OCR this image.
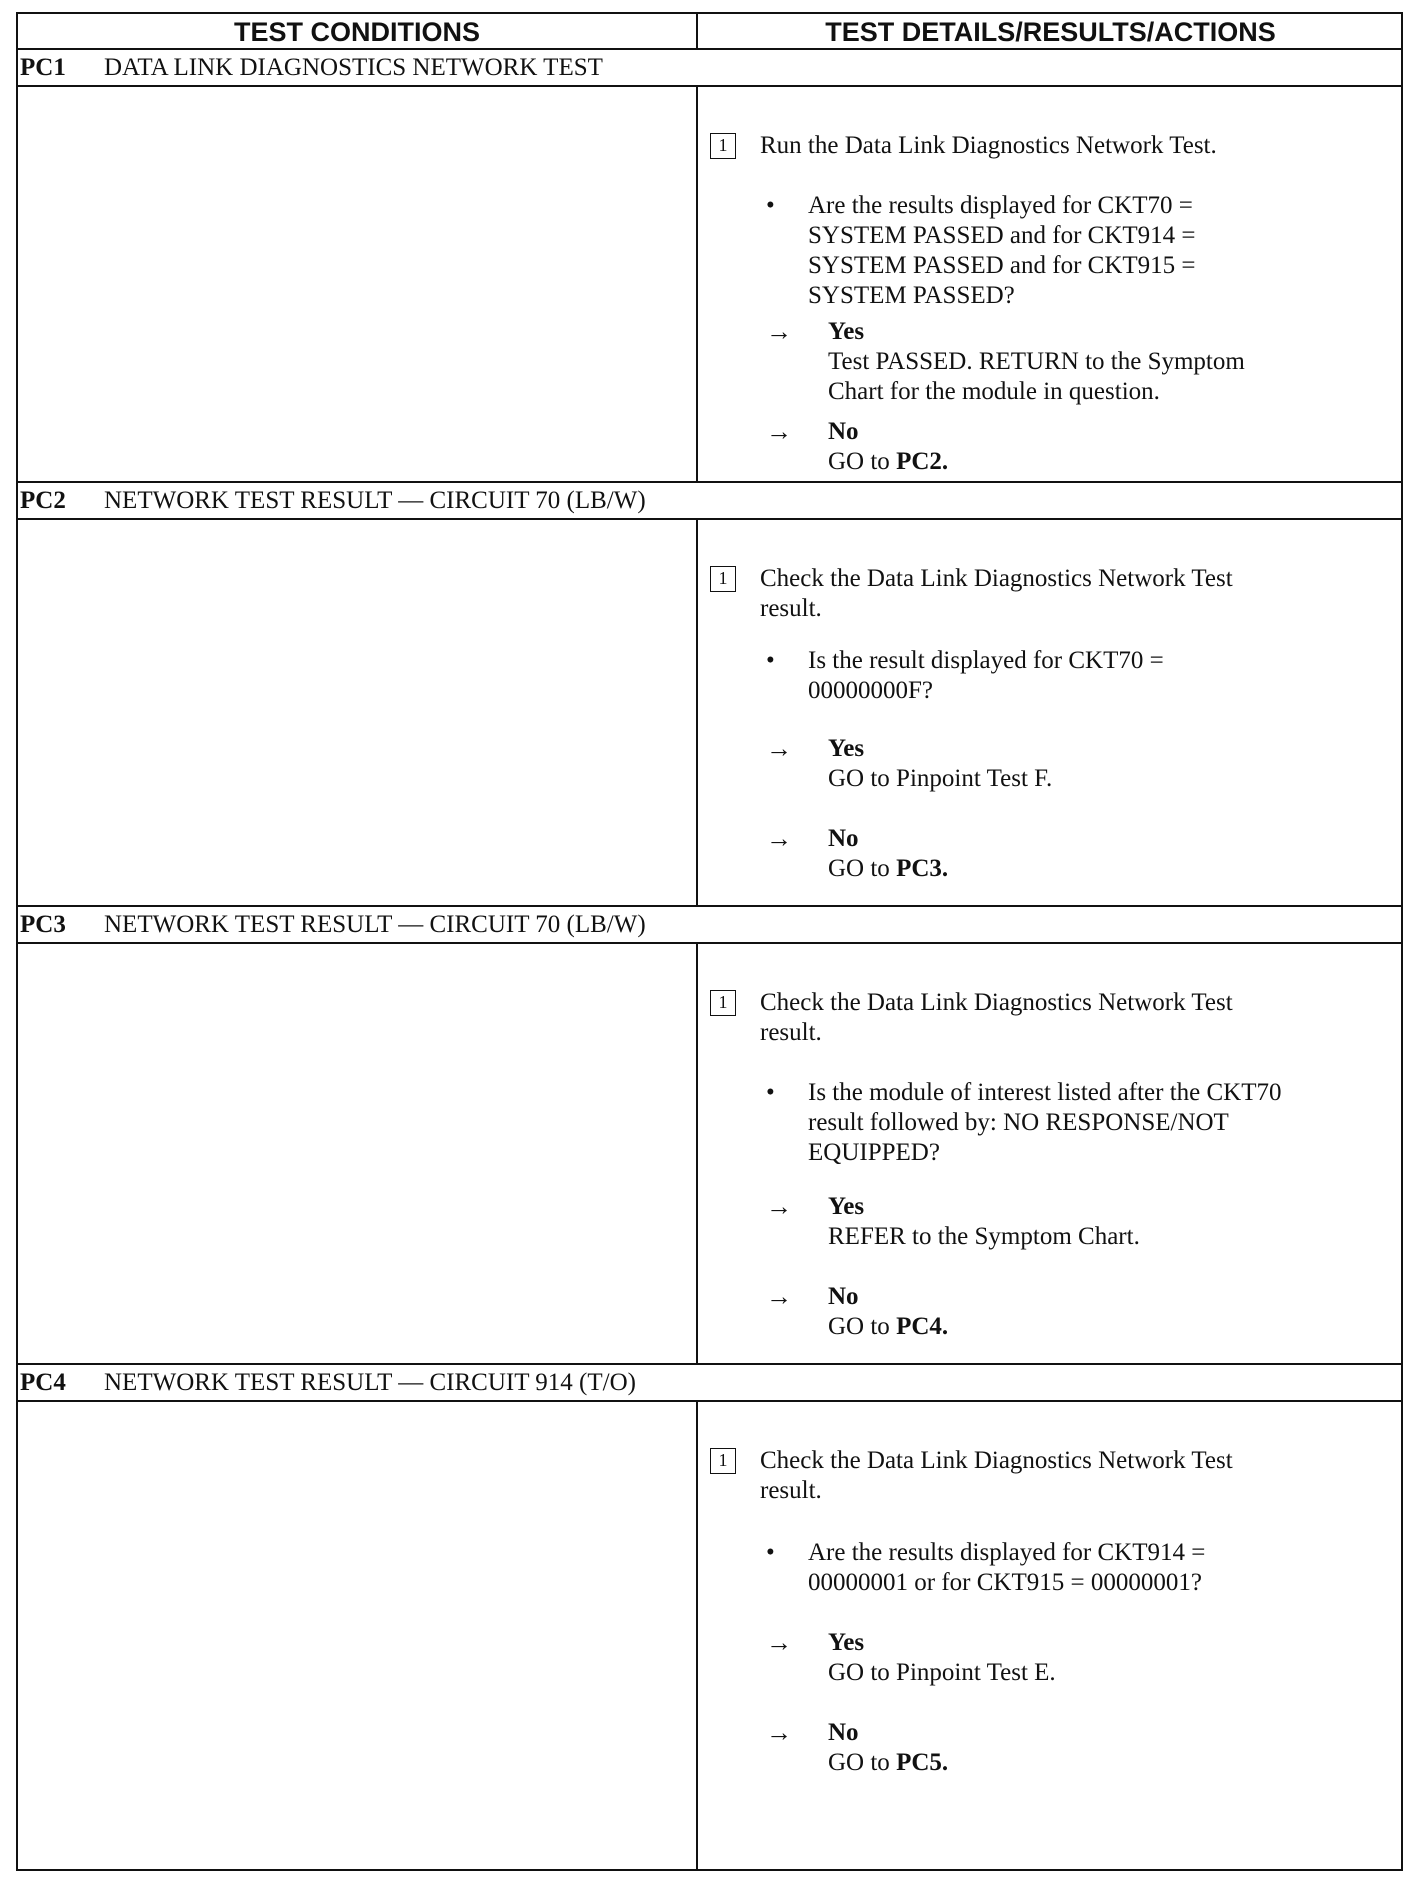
TEST CONDITIONS	TEST DETAILS/RESULTS/ACTIONS
PC1 DATA LINK DIAGNOSTICS NETWORK TEST
1	Run the Data Link Diagnostics Network Test.
• Are the results displayed for CKT70 =
SYSTEM PASSED and for CKT914 =
SYSTEM PASSED and for CKT915 =
SYSTEM PASSED?
→ Yes
Test PASSED. RETURN to the Symptom
Chart for the module in question.
→ No
GO to PC2.
PC2 NETWORK TEST RESULT — CIRCUIT 70 (LB/W)
1	Check the Data Link Diagnostics Network Test
result.
• Is the result displayed for CKT70 =
00000000F?
→ Yes
GO to Pinpoint Test F.
→ No
GO to PC3.
PC3 NETWORK TEST RESULT — CIRCUIT 70 (LB/W)
1	Check the Data Link Diagnostics Network Test
result.
• Is the module of interest listed after the CKT70
result followed by: NO RESPONSE/NOT
EQUIPPED?
→ Yes
REFER to the Symptom Chart.
→ No
GO to PC4.
PC4 NETWORK TEST RESULT — CIRCUIT 914 (T/O)
1	Check the Data Link Diagnostics Network Test
result.
• Are the results displayed for CKT914 =
00000001 or for CKT915 = 00000001?
→ Yes
GO to Pinpoint Test E.
→ No
GO to PC5.
